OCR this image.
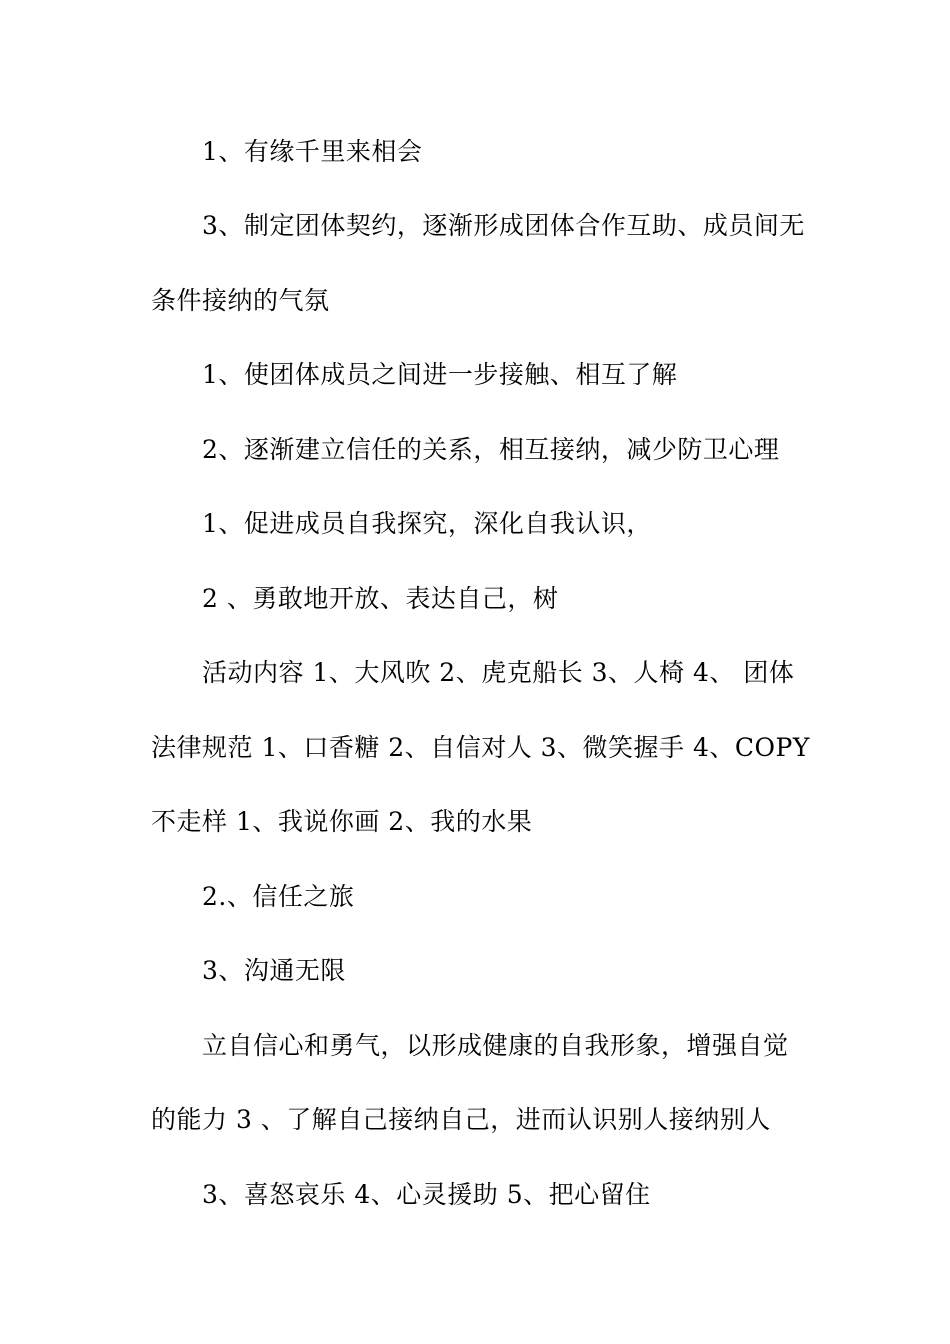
1、有缘千里来相会
3、制定团体契约，逐渐形成团体合作互助、成员间无
条件接纳的气氛
1、使团体成员之间进一步接触、相互了解
2、逐渐建立信任的关系，相互接纳，减少防卫心理
1、促进成员自我探究，深化自我认识，
2 、勇敢地开放、表达自己，树
活动内容 1、大风吹 2、虎克船长 3、人椅 4、 团体
法律规范 1、口香糖 2、自信对人 3、微笑握手 4、COPY
不走样 1、我说你画 2、我的水果
2.、信任之旅
3、沟通无限
立自信心和勇气，以形成健康的自我形象，增强自觉
的能力 3 、了解自己接纳自己，进而认识别人接纳别人
3、喜怒哀乐 4、心灵援助 5、把心留住
